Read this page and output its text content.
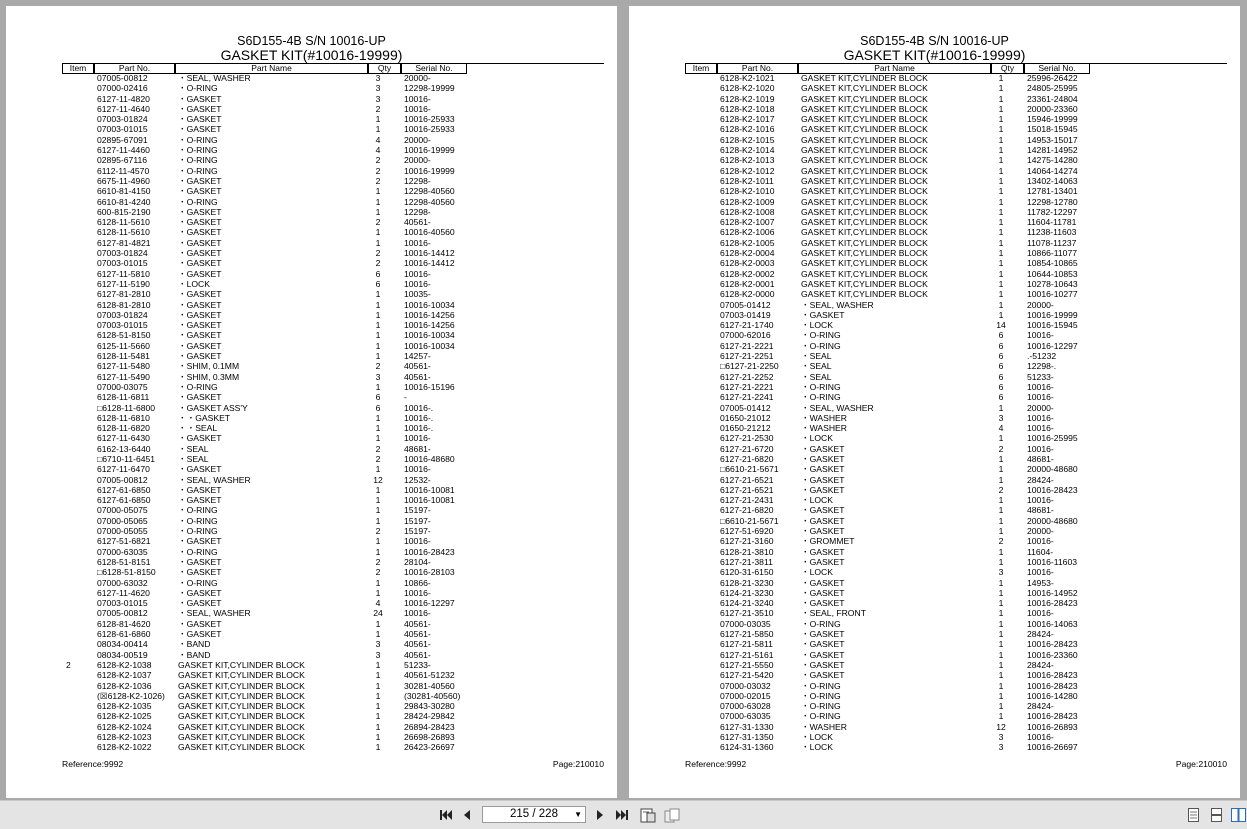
S6D155-4B S/N 10016-UP
GASKET KIT(#10016-19999)
Item	Part No.	Part Name	Qty	Serial No.
07005-00812	・SEAL, WASHER	3	20000-
07000-02416	・O-RING	3	12298-19999
6127-11-4820	・GASKET	3	10016-
6127-11-4640	・GASKET	2	10016-
07003-01824	・GASKET	1	10016-25933
07003-01015	・GASKET	1	10016-25933
02895-67091	・O-RING	4	20000-
6127-11-4460	・O-RING	4	10016-19999
02895-67116	・O-RING	2	20000-
6112-11-4570	・O-RING	2	10016-19999
6675-11-4960	・GASKET	2	12298-
6610-81-4150	・GASKET	1	12298-40560
6610-81-4240	・O-RING	1	12298-40560
600-815-2190	・GASKET	1	12298-
6128-11-5610	・GASKET	2	40561-
6128-11-5610	・GASKET	1	10016-40560
6127-81-4821	・GASKET	1	10016-
07003-01824	・GASKET	2	10016-14412
07003-01015	・GASKET	2	10016-14412
6127-11-5810	・GASKET	6	10016-
6127-11-5190	・LOCK	6	10016-
6127-81-2810	・GASKET	1	10035-
6128-81-2810	・GASKET	1	10016-10034
07003-01824	・GASKET	1	10016-14256
07003-01015	・GASKET	1	10016-14256
6128-51-8150	・GASKET	1	10016-10034
6125-11-5660	・GASKET	1	10016-10034
6128-11-5481	・GASKET	1	14257-
6127-11-5480	・SHIM, 0.1MM	2	40561-
6127-11-5490	・SHIM, 0.3MM	3	40561-
07000-03075	・O-RING	1	10016-15196
6128-11-6811	・GASKET	6	-
□6128-11-6800	・GASKET ASS'Y	6	10016-.
6128-11-6810	・・GASKET	1	10016-.
6128-11-6820	・・SEAL	1	10016-.
6127-11-6430	・GASKET	1	10016-
6162-13-6440	・SEAL	2	48681-
□6710-11-6451	・SEAL	2	10016-48680
6127-11-6470	・GASKET	1	10016-
07005-00812	・SEAL, WASHER	12	12532-
6127-61-6850	・GASKET	1	10016-10081
6127-61-6850	・GASKET	1	10016-10081
07000-05075	・O-RING	1	15197-
07000-05065	・O-RING	1	15197-
07000-05055	・O-RING	2	15197-
6127-51-6821	・GASKET	1	10016-
07000-63035	・O-RING	1	10016-28423
6128-51-8151	・GASKET	2	28104-
□6128-51-8150	・GASKET	2	10016-28103
07000-63032	・O-RING	1	10866-
6127-11-4620	・GASKET	1	10016-
07003-01015	・GASKET	4	10016-12297
07005-00812	・SEAL, WASHER	24	10016-
6128-81-4620	・GASKET	1	40561-
6128-61-6860	・GASKET	1	40561-
08034-00414	・BAND	3	40561-
08034-00519	・BAND	3	40561-
2	6128-K2-1038	GASKET KIT,CYLINDER BLOCK	1	51233-
6128-K2-1037	GASKET KIT,CYLINDER BLOCK	1	40561-51232
6128-K2-1036	GASKET KIT,CYLINDER BLOCK	1	30281-40560
(☒6128-K2-1026) GASKET KIT,CYLINDER BLOCK	1	(30281-40560)
6128-K2-1035	GASKET KIT,CYLINDER BLOCK	1	29843-30280
6128-K2-1025	GASKET KIT,CYLINDER BLOCK	1	28424-29842
6128-K2-1024	GASKET KIT,CYLINDER BLOCK	1	26894-28423
6128-K2-1023	GASKET KIT,CYLINDER BLOCK	1	26698-26893
6128-K2-1022	GASKET KIT,CYLINDER BLOCK	1	26423-26697
Reference:9992	Page:210010
S6D155-4B S/N 10016-UP
GASKET KIT(#10016-19999)
Item	Part No.	Part Name	Qty	Serial No.
6128-K2-1021	GASKET KIT,CYLINDER BLOCK	1	25996-26422
6128-K2-1020	GASKET KIT,CYLINDER BLOCK	1	24805-25995
6128-K2-1019	GASKET KIT,CYLINDER BLOCK	1	23361-24804
6128-K2-1018	GASKET KIT,CYLINDER BLOCK	1	20000-23360
6128-K2-1017	GASKET KIT,CYLINDER BLOCK	1	15946-19999
6128-K2-1016	GASKET KIT,CYLINDER BLOCK	1	15018-15945
6128-K2-1015	GASKET KIT,CYLINDER BLOCK	1	14953-15017
6128-K2-1014	GASKET KIT,CYLINDER BLOCK	1	14281-14952
6128-K2-1013	GASKET KIT,CYLINDER BLOCK	1	14275-14280
6128-K2-1012	GASKET KIT,CYLINDER BLOCK	1	14064-14274
6128-K2-1011	GASKET KIT,CYLINDER BLOCK	1	13402-14063
6128-K2-1010	GASKET KIT,CYLINDER BLOCK	1	12781-13401
6128-K2-1009	GASKET KIT,CYLINDER BLOCK	1	12298-12780
6128-K2-1008	GASKET KIT,CYLINDER BLOCK	1	11782-12297
6128-K2-1007	GASKET KIT,CYLINDER BLOCK	1	11604-11781
6128-K2-1006	GASKET KIT,CYLINDER BLOCK	1	11238-11603
6128-K2-1005	GASKET KIT,CYLINDER BLOCK	1	11078-11237
6128-K2-0004	GASKET KIT,CYLINDER BLOCK	1	10866-11077
6128-K2-0003	GASKET KIT,CYLINDER BLOCK	1	10854-10865
6128-K2-0002	GASKET KIT,CYLINDER BLOCK	1	10644-10853
6128-K2-0001	GASKET KIT,CYLINDER BLOCK	1	10278-10643
6128-K2-0000	GASKET KIT,CYLINDER BLOCK	1	10016-10277
07005-01412	・SEAL, WASHER	1	20000-
07003-01419	・GASKET	1	10016-19999
6127-21-1740	・LOCK	14	10016-15945
07000-62016	・O-RING	6	10016-
6127-21-2221	・O-RING	6	10016-12297
6127-21-2251	・SEAL	6	.-51232
□6127-21-2250	・SEAL	6	12298-.
6127-21-2252	・SEAL	6	51233-
6127-21-2221	・O-RING	6	10016-
6127-21-2241	・O-RING	6	10016-
07005-01412	・SEAL, WASHER	1	20000-
01650-21012	・WASHER	3	10016-
01650-21212	・WASHER	4	10016-
6127-21-2530	・LOCK	1	10016-25995
6127-21-6720	・GASKET	2	10016-
6127-21-6820	・GASKET	1	48681-
□6610-21-5671	・GASKET	1	20000-48680
6127-21-6521	・GASKET	1	28424-
6127-21-6521	・GASKET	2	10016-28423
6127-21-2431	・LOCK	1	10016-
6127-21-6820	・GASKET	1	48681-
□6610-21-5671	・GASKET	1	20000-48680
6127-51-6920	・GASKET	1	20000-
6127-21-3160	・GROMMET	2	10016-
6128-21-3810	・GASKET	1	11604-
6127-21-3811	・GASKET	1	10016-11603
6120-31-6150	・LOCK	3	10016-
6128-21-3230	・GASKET	1	14953-
6124-21-3230	・GASKET	1	10016-14952
6124-21-3240	・GASKET	1	10016-28423
6127-21-3510	・SEAL, FRONT	1	10016-
07000-03035	・O-RING	1	10016-14063
6127-21-5850	・GASKET	1	28424-
6127-21-5811	・GASKET	1	10016-28423
6127-21-5161	・GASKET	1	10016-23360
6127-21-5550	・GASKET	1	28424-
6127-21-5420	・GASKET	1	10016-28423
07000-03032	・O-RING	1	10016-28423
07000-02015	・O-RING	1	10016-14280
07000-63028	・O-RING	1	28424-
07000-63035	・O-RING	1	10016-28423
6127-31-1330	・WASHER	12	10016-26893
6127-31-1350	・LOCK	3	10016-
6124-31-1360	・LOCK	3	10016-26697
Reference:9992	Page:210010
215 / 228 ▼
